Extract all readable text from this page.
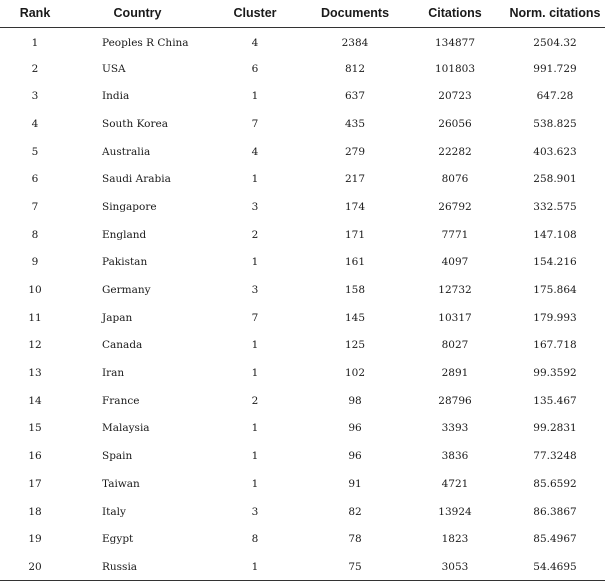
Rank	Country	Cluster	Documents	Citations	Norm. citations
1	Peoples R China	4	2384	134877	2504.32
2	USA	6	812	101803	991.729
3	India	1	637	20723	647.28
4	South Korea	7	435	26056	538.825
5	Australia	4	279	22282	403.623
6	Saudi Arabia	1	217	8076	258.901
7	Singapore	3	174	26792	332.575
8	England	2	171	7771	147.108
9	Pakistan	1	161	4097	154.216
10	Germany	3	158	12732	175.864
11	Japan	7	145	10317	179.993
12	Canada	1	125	8027	167.718
13	Iran	1	102	2891	99.3592
14	France	2	98	28796	135.467
15	Malaysia	1	96	3393	99.2831
16	Spain	1	96	3836	77.3248
17	Taiwan	1	91	4721	85.6592
18	Italy	3	82	13924	86.3867
19	Egypt	8	78	1823	85.4967
20	Russia	1	75	3053	54.4695
